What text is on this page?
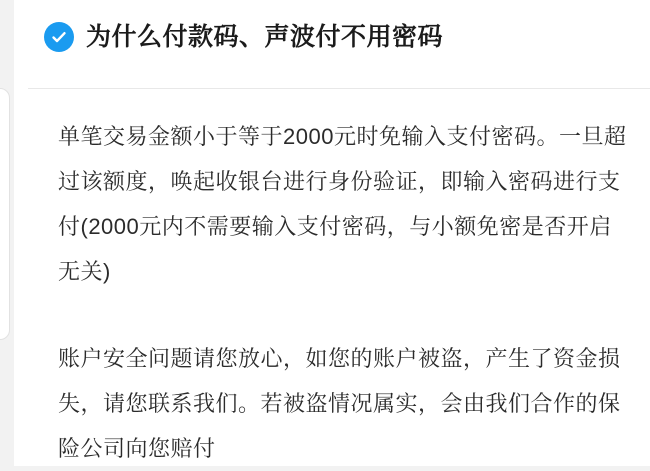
为什么付款码、声波付不用密码

单笔交易金额小于等于2000元时免输入支付密码。一旦超过该额度，唤起收银台进行身份验证，即输入密码进行支付(2000元内不需要输入支付密码，与小额免密是否开启无关)

账户安全问题请您放心，如您的账户被盗，产生了资金损失，请您联系我们。若被盗情况属实，会由我们合作的保险公司向您赔付
